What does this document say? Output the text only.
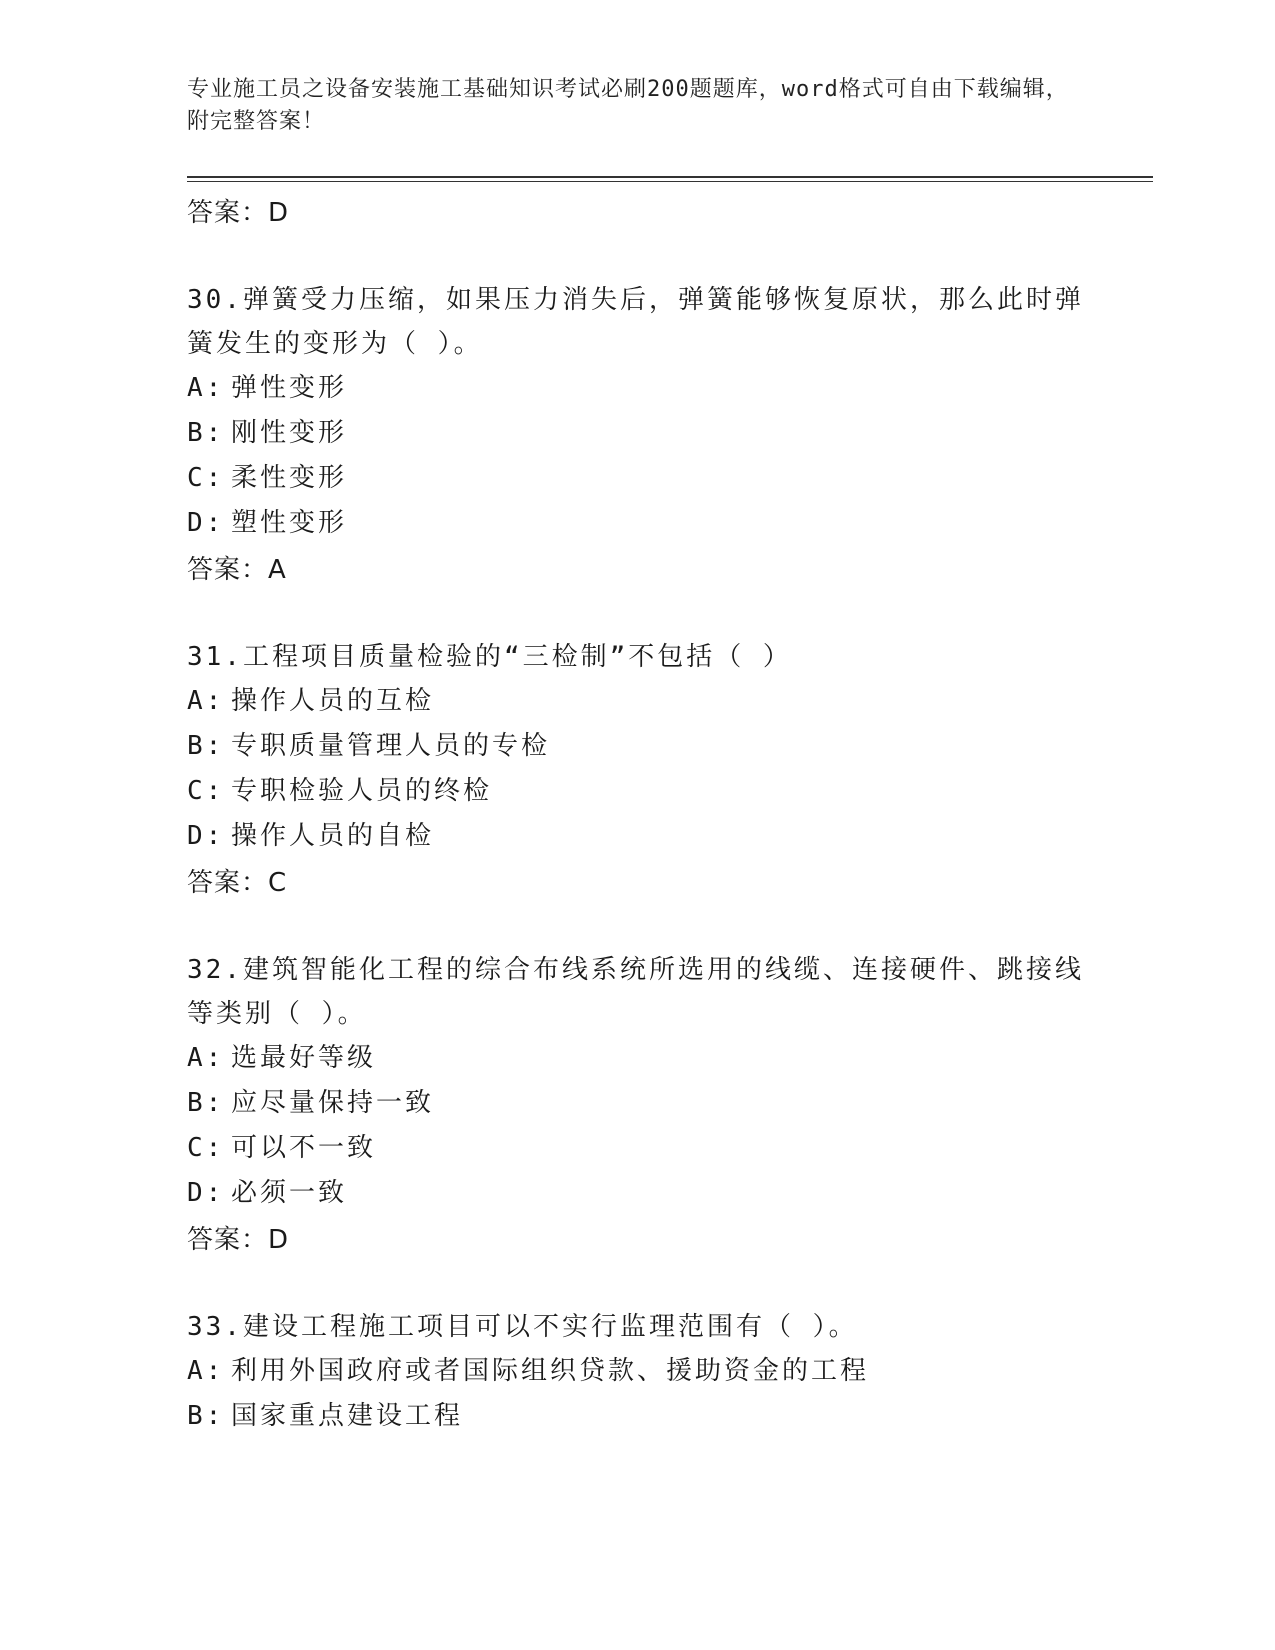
专业施工员之设备安装施工基础知识考试必刷200题题库，word格式可自由下载编辑，附完整答案！

答案：D

30.弹簧受力压缩，如果压力消失后，弹簧能够恢复原状，那么此时弹簧发生的变形为（ ）。

A: 弹性变形

B: 刚性变形

C: 柔性变形

D: 塑性变形

答案：A

31.工程项目质量检验的“三检制”不包括（ ）

A: 操作人员的互检

B: 专职质量管理人员的专检

C: 专职检验人员的终检

D: 操作人员的自检

答案：C

32.建筑智能化工程的综合布线系统所选用的线缆、连接硬件、跳接线等类别（ ）。

A: 选最好等级

B: 应尽量保持一致

C: 可以不一致

D: 必须一致

答案：D

33.建设工程施工项目可以不实行监理范围有（ ）。

A: 利用外国政府或者国际组织贷款、援助资金的工程

B: 国家重点建设工程
